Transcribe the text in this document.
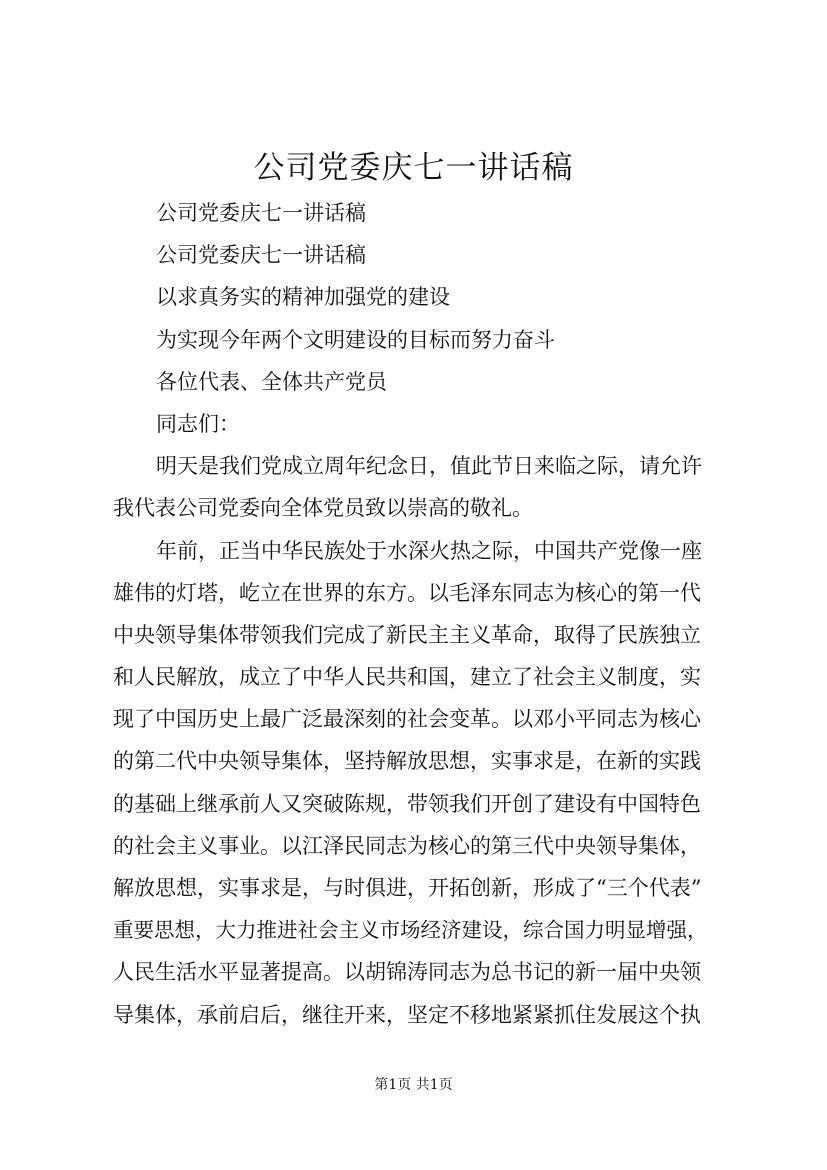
公司党委庆七一讲话稿

公司党委庆七一讲话稿

公司党委庆七一讲话稿

以求真务实的精神加强党的建设

为实现今年两个文明建设的目标而努力奋斗

各位代表、全体共产党员

同志们：

明天是我们党成立周年纪念日，值此节日来临之际，请允许

我代表公司党委向全体党员致以崇高的敬礼。

年前，正当中华民族处于水深火热之际，中国共产党像一座

雄伟的灯塔，屹立在世界的东方。以毛泽东同志为核心的第一代

中央领导集体带领我们完成了新民主主义革命，取得了民族独立

和人民解放，成立了中华人民共和国，建立了社会主义制度，实

现了中国历史上最广泛最深刻的社会变革。以邓小平同志为核心

的第二代中央领导集体，坚持解放思想，实事求是，在新的实践

的基础上继承前人又突破陈规，带领我们开创了建设有中国特色

的社会主义事业。以江泽民同志为核心的第三代中央领导集体，

解放思想，实事求是，与时俱进，开拓创新，形成了“三个代表”

重要思想，大力推进社会主义市场经济建设，综合国力明显增强，

人民生活水平显著提高。以胡锦涛同志为总书记的新一届中央领

导集体，承前启后，继往开来，坚定不移地紧紧抓住发展这个执

第1页 共1页
